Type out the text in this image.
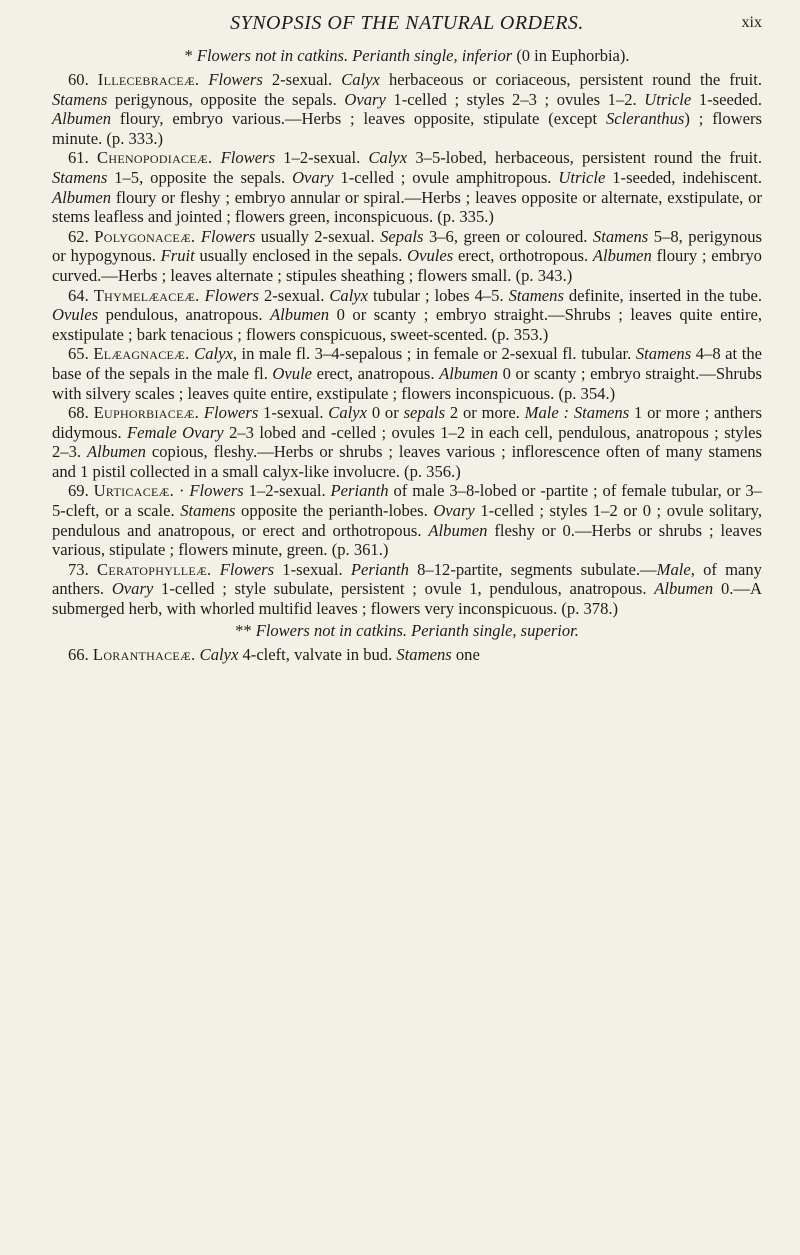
SYNOPSIS OF THE NATURAL ORDERS.	xix
* Flowers not in catkins. Perianth single, inferior (0 in Euphorbia).

60. Illecebraceæ. Flowers 2-sexual. Calyx herbaceous or coriaceous, persistent round the fruit. Stamens perigynous, opposite the sepals. Ovary 1-celled ; styles 2–3 ; ovules 1–2. Utricle 1-seeded. Albumen floury, embryo various.—Herbs ; leaves opposite, stipulate (except Scleranthus) ; flowers minute. (p. 333.)

61. Chenopodiaceæ. Flowers 1–2-sexual. Calyx 3–5-lobed, herbaceous, persistent round the fruit. Stamens 1–5, opposite the sepals. Ovary 1-celled ; ovule amphitropous. Utricle 1-seeded, indehiscent. Albumen floury or fleshy ; embryo annular or spiral.—Herbs ; leaves opposite or alternate, exstipulate, or stems leafless and jointed ; flowers green, inconspicuous. (p. 335.)

62. Polygonaceæ. Flowers usually 2-sexual. Sepals 3–6, green or coloured. Stamens 5–8, perigynous or hypogynous. Fruit usually enclosed in the sepals. Ovules erect, orthotropous. Albumen floury ; embryo curved.—Herbs ; leaves alternate ; stipules sheathing ; flowers small. (p. 343.)

64. Thymelæaceæ. Flowers 2-sexual. Calyx tubular ; lobes 4–5. Stamens definite, inserted in the tube. Ovules pendulous, anatropous. Albumen 0 or scanty ; embryo straight.—Shrubs ; leaves quite entire, exstipulate ; bark tenacious ; flowers conspicuous, sweet-scented. (p. 353.)

65. Elæagnaceæ. Calyx, in male fl. 3–4-sepalous ; in female or 2-sexual fl. tubular. Stamens 4–8 at the base of the sepals in the male fl. Ovule erect, anatropous. Albumen 0 or scanty ; embryo straight.—Shrubs with silvery scales ; leaves quite entire, exstipulate ; flowers inconspicuous. (p. 354.)

68. Euphorbiaceæ. Flowers 1-sexual. Calyx 0 or sepals 2 or more. Male : Stamens 1 or more ; anthers didymous. Female Ovary 2–3 lobed and -celled ; ovules 1–2 in each cell, pendulous, anatropous ; styles 2–3. Albumen copious, fleshy.—Herbs or shrubs ; leaves various ; inflorescence often of many stamens and 1 pistil collected in a small calyx-like involucre. (p. 356.)

69. Urticaceæ. · Flowers 1–2-sexual. Perianth of male 3–8-lobed or -partite ; of female tubular, or 3–5-cleft, or a scale. Stamens opposite the perianth-lobes. Ovary 1-celled ; styles 1–2 or 0 ; ovule solitary, pendulous and anatropous, or erect and orthotropous. Albumen fleshy or 0.—Herbs or shrubs ; leaves various, stipulate ; flowers minute, green. (p. 361.)

73. Ceratophylleæ. Flowers 1-sexual. Perianth 8–12-partite, segments subulate.—Male, of many anthers. Ovary 1-celled ; style subulate, persistent ; ovule 1, pendulous, anatropous. Albumen 0.—A submerged herb, with whorled multifid leaves ; flowers very inconspicuous. (p. 378.)

** Flowers not in catkins. Perianth single, superior.

66. Loranthaceæ. Calyx 4-cleft, valvate in bud. Stamens one
